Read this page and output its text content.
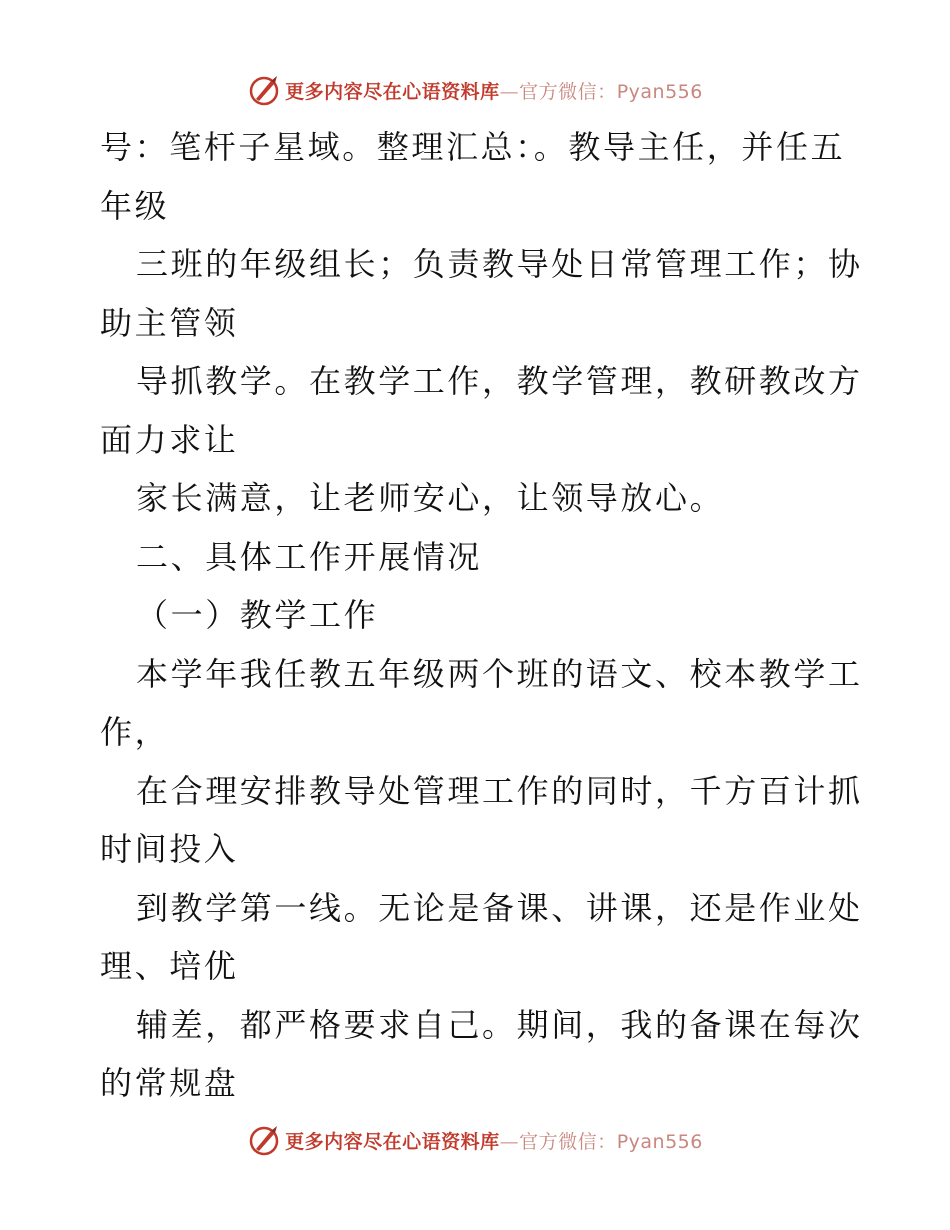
更多内容尽在心语资料库—官方微信：Pyan556
号：笔杆子星域。整理汇总：。教导主任，并任五
年级
三班的年级组长；负责教导处日常管理工作；协
助主管领
导抓教学。在教学工作，教学管理，教研教改方
面力求让
家长满意，让老师安心，让领导放心。
二、具体工作开展情况
（一）教学工作
本学年我任教五年级两个班的语文、校本教学工
作，
在合理安排教导处管理工作的同时，千方百计抓
时间投入
到教学第一线。无论是备课、讲课，还是作业处
理、培优
辅差，都严格要求自己。期间，我的备课在每次
的常规盘
更多内容尽在心语资料库—官方微信：Pyan556
